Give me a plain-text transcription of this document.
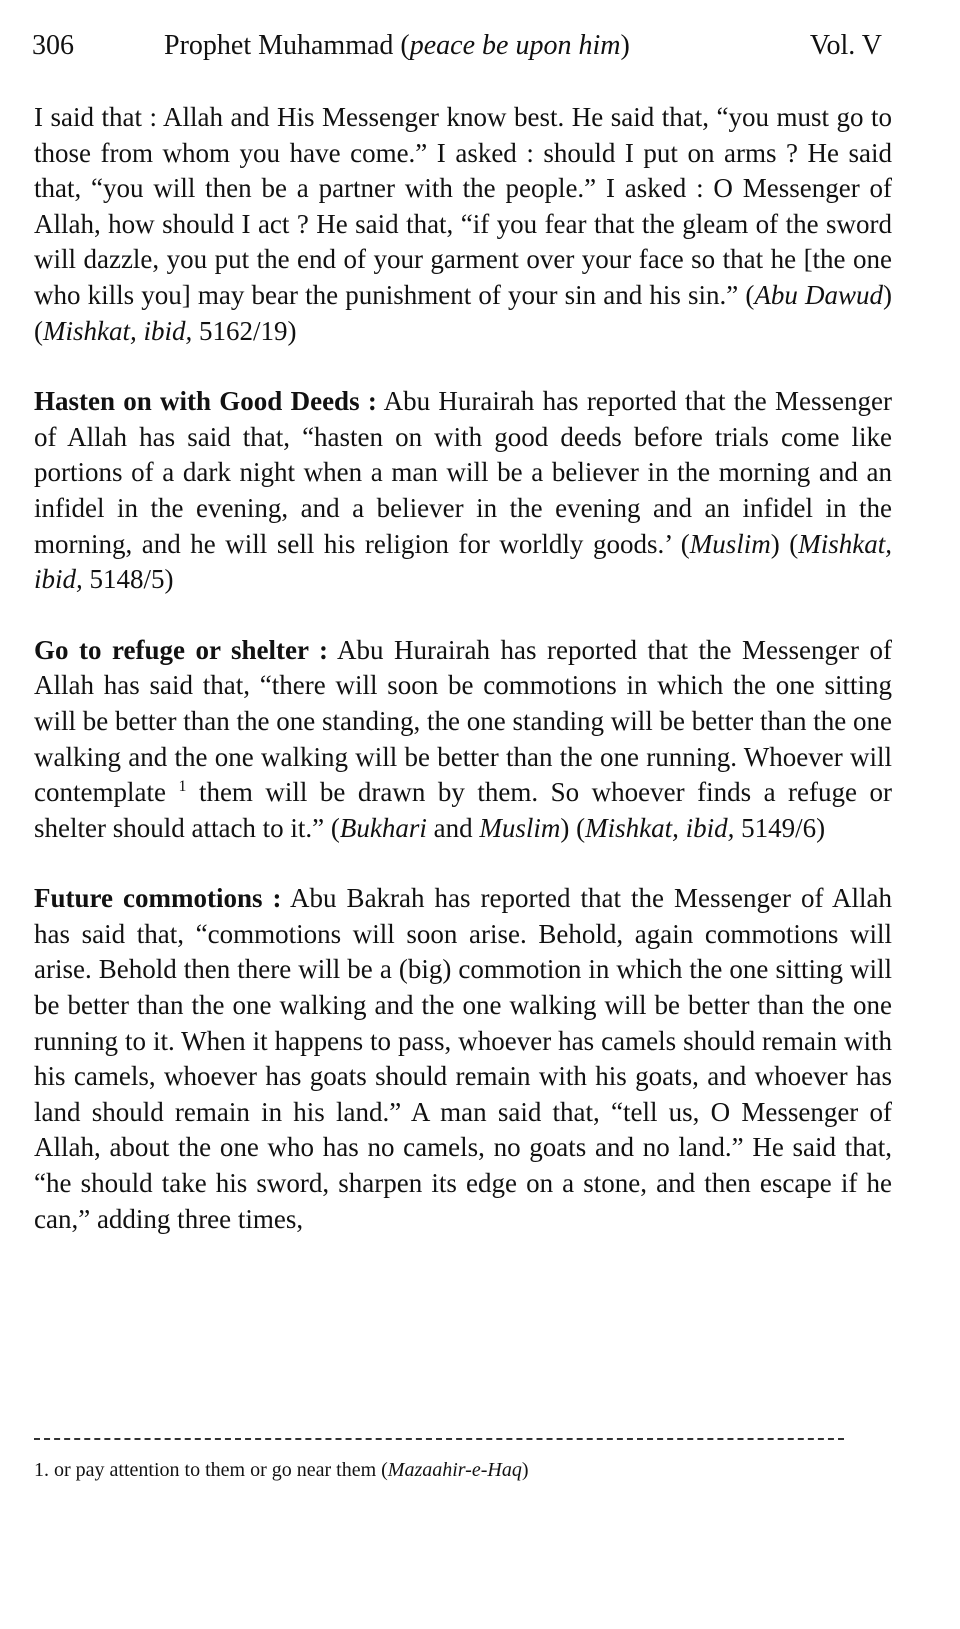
306	Prophet Muhammad (peace be upon him)	Vol. V

I said that : Allah and His Messenger know best. He said that, “you must go to those from whom you have come.” I asked : should I put on arms ? He said that, “you will then be a partner with the people.” I asked : O Messenger of Allah, how should I act ? He said that, “if you fear that the gleam of the sword will dazzle, you put the end of your garment over your face so that he [the one who kills you] may bear the punishment of your sin and his sin.” (Abu Dawud) (Mishkat, ibid, 5162/19)

Hasten on with Good Deeds : Abu Hurairah has reported that the Messenger of Allah has said that, “hasten on with good deeds before trials come like portions of a dark night when a man will be a believer in the morning and an infidel in the evening, and a believer in the evening and an infidel in the morning, and he will sell his religion for worldly goods.’ (Muslim) (Mishkat, ibid, 5148/5)

Go to refuge or shelter : Abu Hurairah has reported that the Messenger of Allah has said that, “there will soon be commotions in which the one sitting will be better than the one standing, the one standing will be better than the one walking and the one walking will be better than the one running. Whoever will contemplate $^1$ them will be drawn by them. So whoever finds a refuge or shelter should attach to it.” (Bukhari and Muslim) (Mishkat, ibid, 5149/6)

Future commotions : Abu Bakrah has reported that the Messenger of Allah has said that, “commotions will soon arise. Behold, again commotions will arise. Behold then there will be a (big) commotion in which the one sitting will be better than the one walking and the one walking will be better than the one running to it. When it happens to pass, whoever has camels should remain with his camels, whoever has goats should remain with his goats, and whoever has land should remain in his land.” A man said that, “tell us, O Messenger of Allah, about the one who has no camels, no goats and no land.” He said that, “he should take his sword, sharpen its edge on a stone, and then escape if he can,” adding three times,

1. or pay attention to them or go near them (Mazaahir-e-Haq)
